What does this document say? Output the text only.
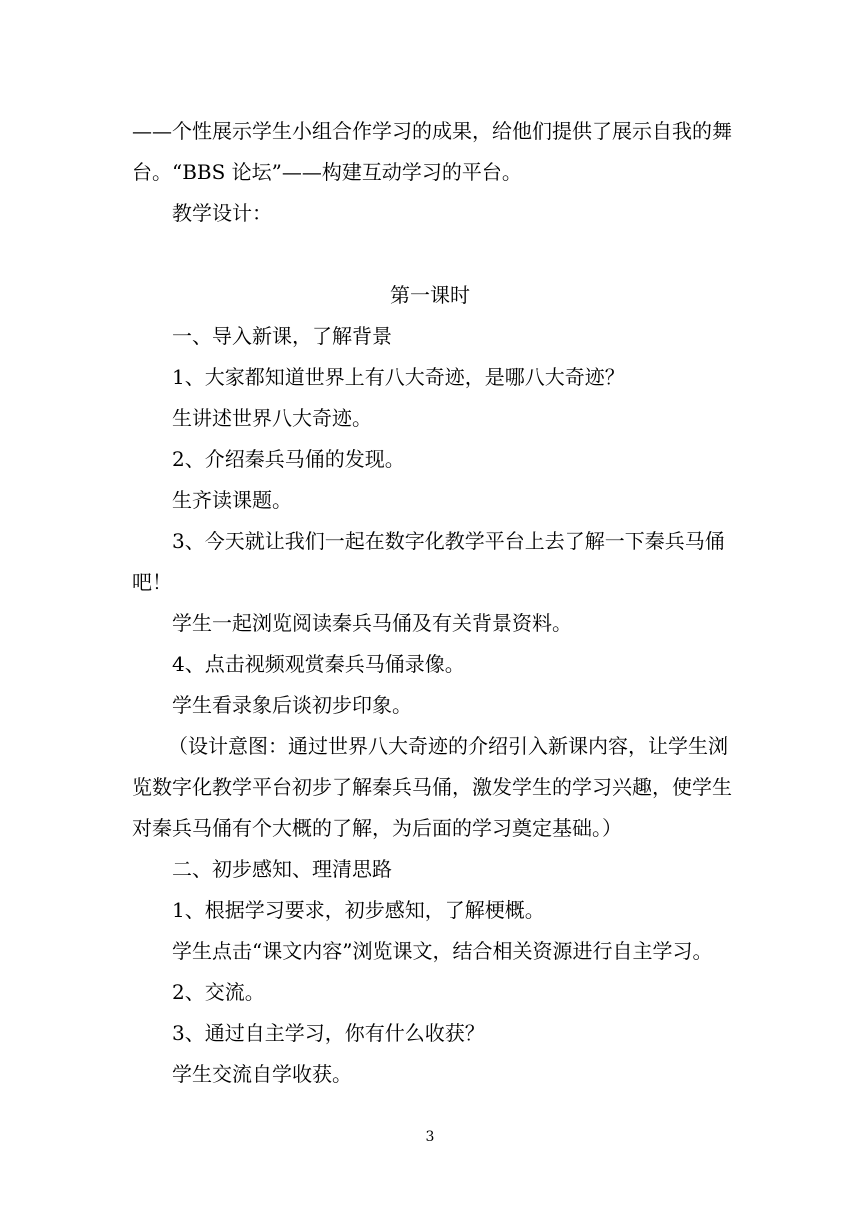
——个性展示学生小组合作学习的成果，给他们提供了展示自我的舞
台。“BBS 论坛”——构建互动学习的平台。
教学设计：
第一课时
一、导入新课，了解背景
1、大家都知道世界上有八大奇迹，是哪八大奇迹？
生讲述世界八大奇迹。
2、介绍秦兵马俑的发现。
生齐读课题。
3、今天就让我们一起在数字化教学平台上去了解一下秦兵马俑
吧！
学生一起浏览阅读秦兵马俑及有关背景资料。
4、点击视频观赏秦兵马俑录像。
学生看录象后谈初步印象。
（设计意图：通过世界八大奇迹的介绍引入新课内容，让学生浏
览数字化教学平台初步了解秦兵马俑，激发学生的学习兴趣，使学生
对秦兵马俑有个大概的了解，为后面的学习奠定基础。）
二、初步感知、理清思路
1、根据学习要求，初步感知，了解梗概。
学生点击“课文内容”浏览课文，结合相关资源进行自主学习。
2、交流。
3、通过自主学习，你有什么收获？
学生交流自学收获。
3
